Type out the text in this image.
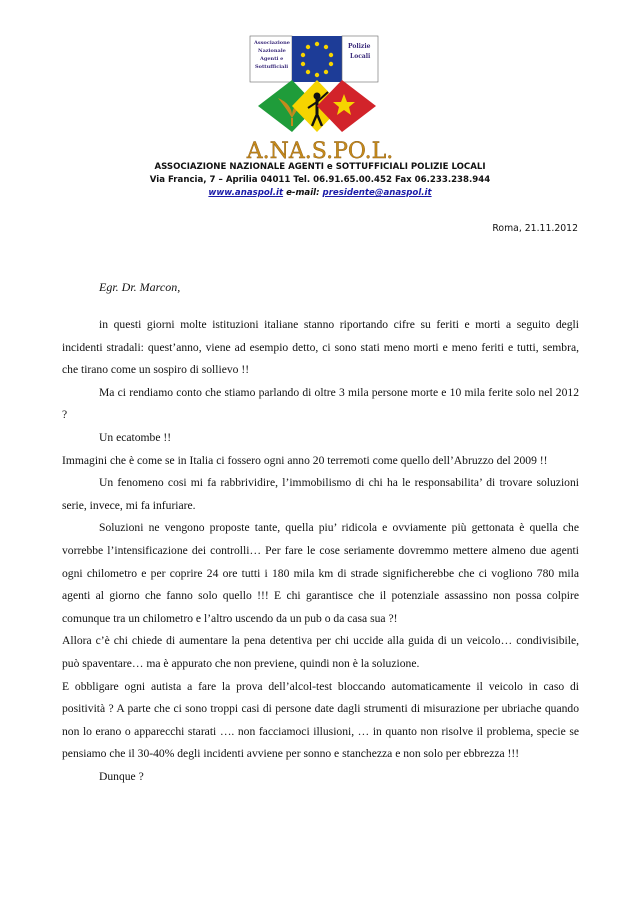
Associazione
Nazionale
Agenti e
Sottufficiali
Polizie
Locali
A.NA.S.PO.L.
ASSOCIAZIONE NAZIONALE AGENTI e SOTTUFFICIALI POLIZIE LOCALI
Via Francia, 7 – Aprilia 04011 Tel. 06.91.65.00.452 Fax 06.233.238.944
www.anaspol.it e-mail: presidente@anaspol.it
Roma, 21.11.2012
Egr. Dr. Marcon,

in questi giorni molte istituzioni italiane stanno riportando cifre su feriti e morti a seguito degli incidenti stradali: quest’anno, viene ad esempio detto, ci sono stati meno morti e meno feriti e tutti, sembra, che tirano come un sospiro di sollievo !!

Ma ci rendiamo conto che stiamo parlando di oltre 3 mila persone morte e 10 mila ferite solo nel 2012 ?

Un ecatombe !!

Immagini che è come se in Italia ci fossero ogni anno 20 terremoti come quello dell’Abruzzo del 2009 !!

Un fenomeno cosi mi fa rabbrividire, l’immobilismo di chi ha le responsabilita’ di trovare soluzioni serie, invece, mi fa infuriare.

Soluzioni ne vengono proposte tante, quella piu’ ridicola e ovviamente più gettonata è quella che vorrebbe l’intensificazione dei controlli… Per fare le cose seriamente dovremmo mettere almeno due agenti ogni chilometro e per coprire 24 ore tutti i 180 mila km di strade significherebbe che ci vogliono 780 mila agenti al giorno che fanno solo quello !!! E chi garantisce che il potenziale assassino non possa colpire comunque tra un chilometro e l’altro uscendo da un pub o da casa sua ?!

Allora c’è chi chiede di aumentare la pena detentiva per chi uccide alla guida di un veicolo… condivisibile, può spaventare… ma è appurato che non previene, quindi non è la soluzione.

E obbligare ogni autista a fare la prova dell’alcol-test bloccando automaticamente il veicolo in caso di positività ? A parte che ci sono troppi casi di persone date dagli strumenti di misurazione per ubriache quando non lo erano o apparecchi starati …. non facciamoci illusioni, … in quanto non risolve il problema, specie se pensiamo che il 30-40% degli incidenti avviene per sonno e stanchezza e non solo per ebbrezza !!!

Dunque ?
